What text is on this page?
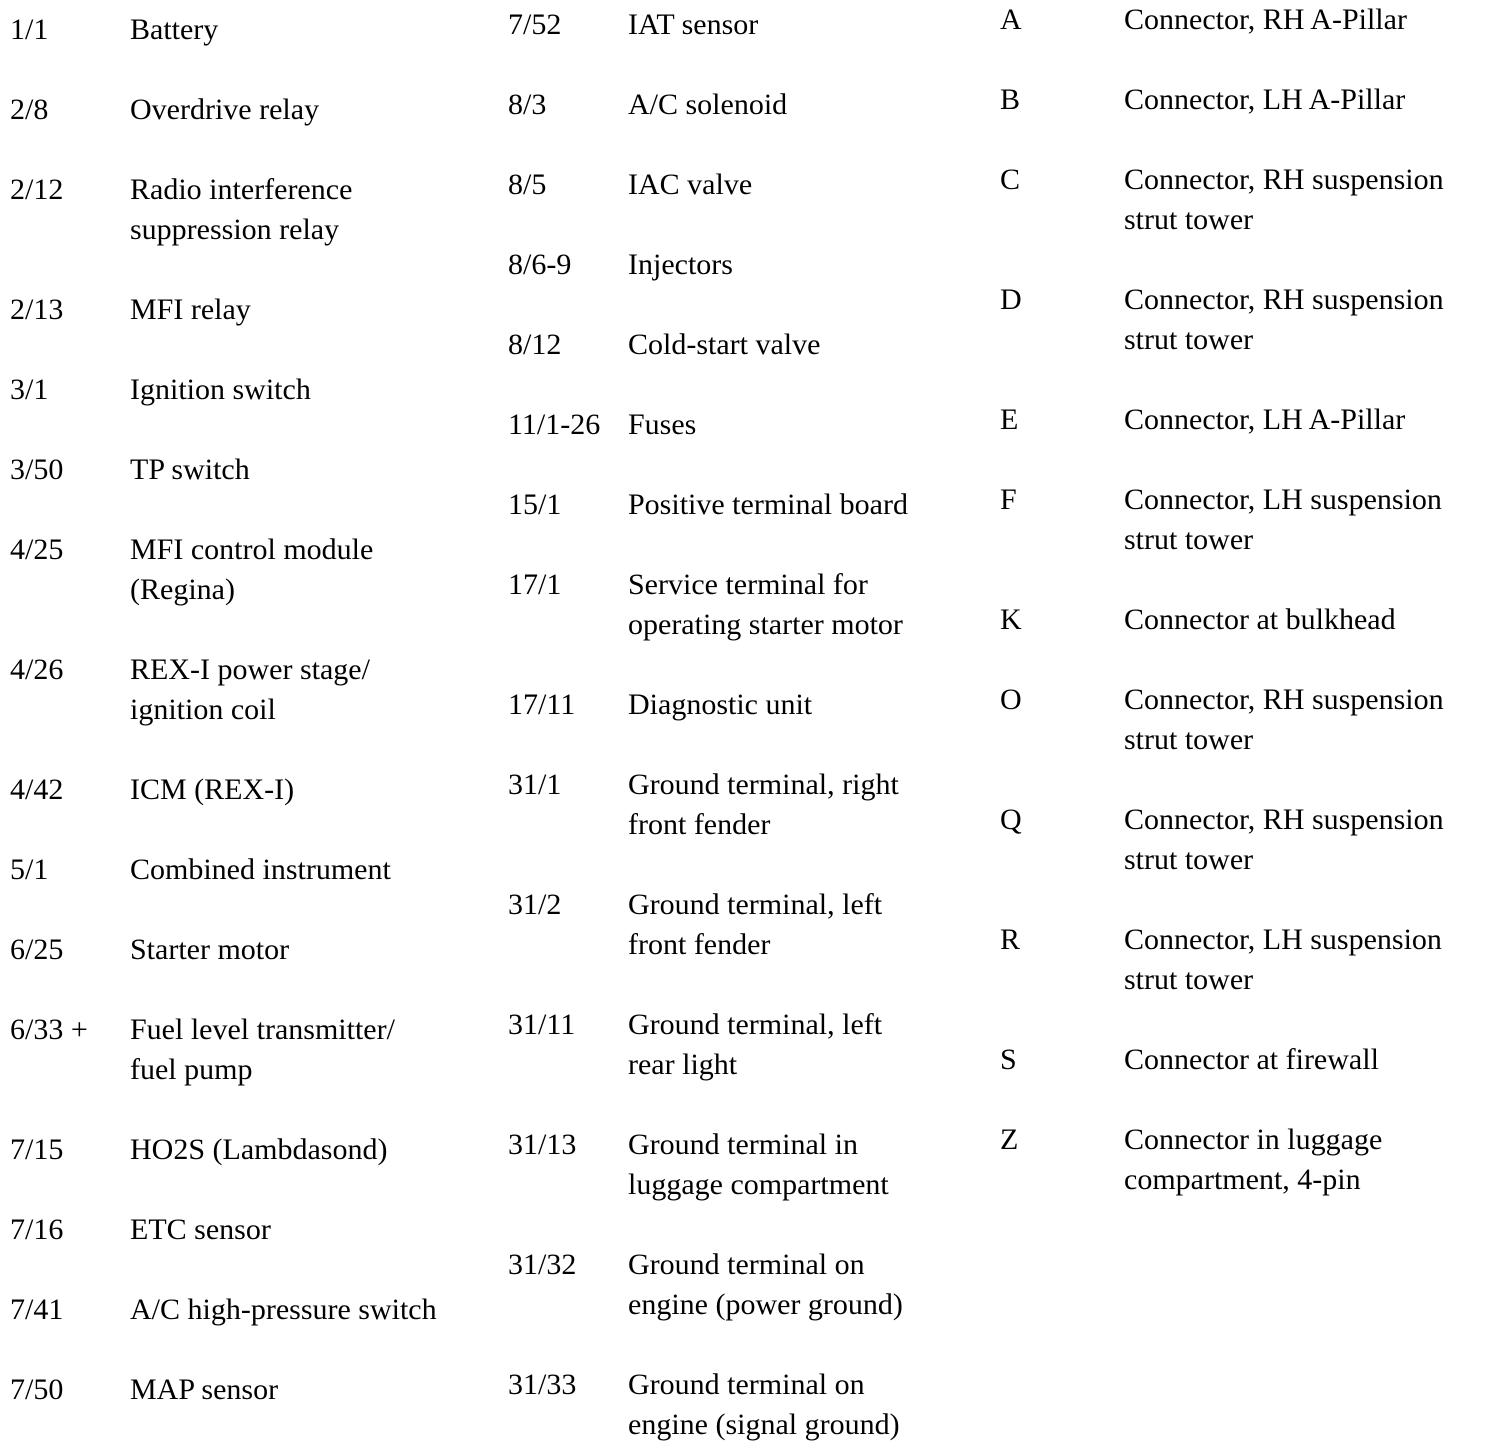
1/1	Battery
2/8	Overdrive relay
2/12 Radio interference
suppression relay
2/13 MFI relay
3/1	Ignition switch
3/50 TP switch
4/25 MFI control module
(Regina)
4/26 REX-I power stage/
ignition coil
4/42 ICM (REX-I)
5/1	Combined instrument
6/25 Starter motor
6/33 + Fuel level transmitter/
fuel pump
7/15 HO2S (Lambdasond)
7/16 ETC sensor
7/41 A/C high-pressure switch
7/50 MAP sensor
7/52 IAT sensor
8/3	A/C solenoid
8/5	IAC valve
8/6-9 Injectors
8/12 Cold-start valve
11/1-26 Fuses
15/1 Positive terminal board
17/1 Service terminal for
operating starter motor
17/11 Diagnostic unit
31/1 Ground terminal, right
front fender
31/2 Ground terminal, left
front fender
31/11 Ground terminal, left
rear light
31/13 Ground terminal in
luggage compartment
31/32 Ground terminal on
engine (power ground)
31/33 Ground terminal on
engine (signal ground)
A	Connector, RH A-Pillar
B	Connector, LH A-Pillar
C	Connector, RH suspension
strut tower
D	Connector, RH suspension
strut tower
E	Connector, LH A-Pillar
F	Connector, LH suspension
strut tower
K	Connector at bulkhead
O	Connector, RH suspension
strut tower
Q	Connector, RH suspension
strut tower
R	Connector, LH suspension
strut tower
S	Connector at firewall
Z	Connector in luggage
compartment, 4-pin
